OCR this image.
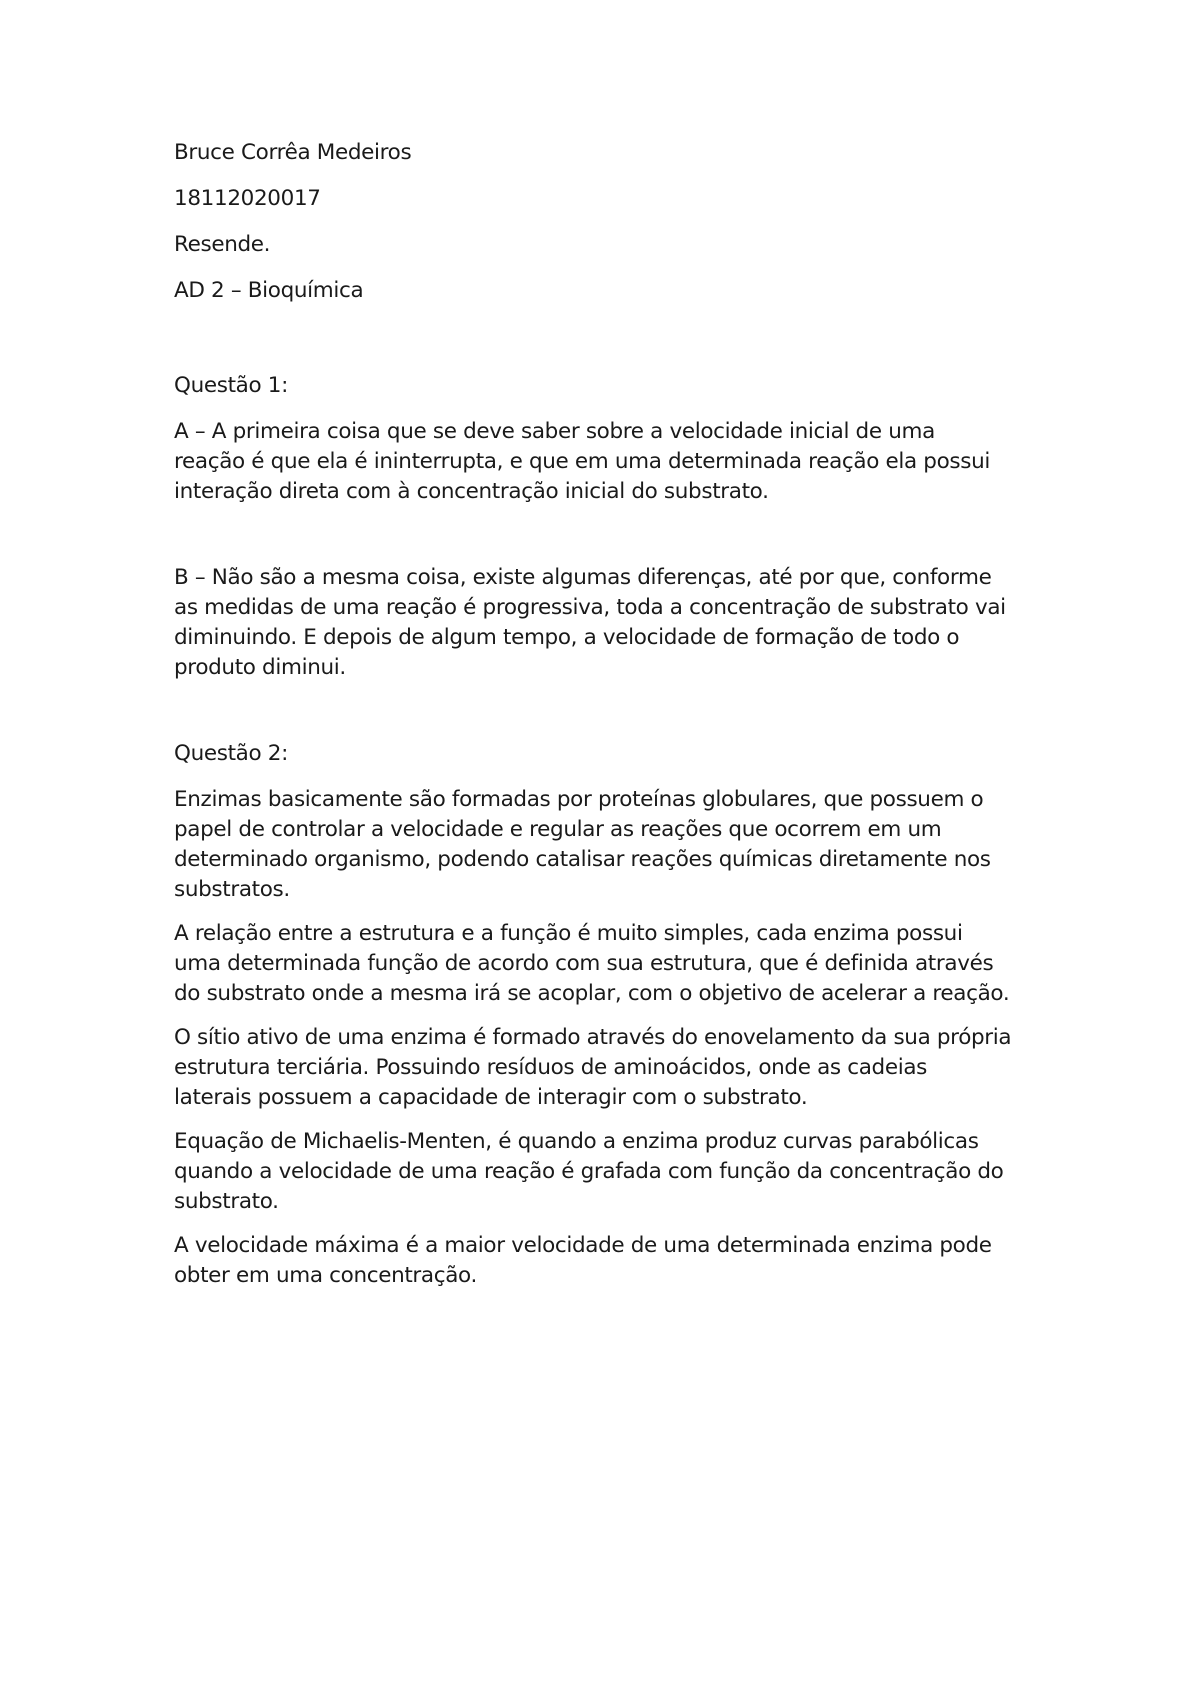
Bruce Corrêa Medeiros

18112020017

Resende.

AD 2 – Bioquímica

Questão 1:

A – A primeira coisa que se deve saber sobre a velocidade inicial de uma
reação é que ela é ininterrupta, e que em uma determinada reação ela possui
interação direta com à concentração inicial do substrato.

B – Não são a mesma coisa, existe algumas diferenças, até por que, conforme
as medidas de uma reação é progressiva, toda a concentração de substrato vai
diminuindo. E depois de algum tempo, a velocidade de formação de todo o
produto diminui.

Questão 2:

Enzimas basicamente são formadas por proteínas globulares, que possuem o
papel de controlar a velocidade e regular as reações que ocorrem em um
determinado organismo, podendo catalisar reações químicas diretamente nos
substratos.

A relação entre a estrutura e a função é muito simples, cada enzima possui
uma determinada função de acordo com sua estrutura, que é definida através
do substrato onde a mesma irá se acoplar, com o objetivo de acelerar a reação.

O sítio ativo de uma enzima é formado através do enovelamento da sua própria
estrutura terciária. Possuindo resíduos de aminoácidos, onde as cadeias
laterais possuem a capacidade de interagir com o substrato.

Equação de Michaelis-Menten, é quando a enzima produz curvas parabólicas
quando a velocidade de uma reação é grafada com função da concentração do
substrato.

A velocidade máxima é a maior velocidade de uma determinada enzima pode
obter em uma concentração.
